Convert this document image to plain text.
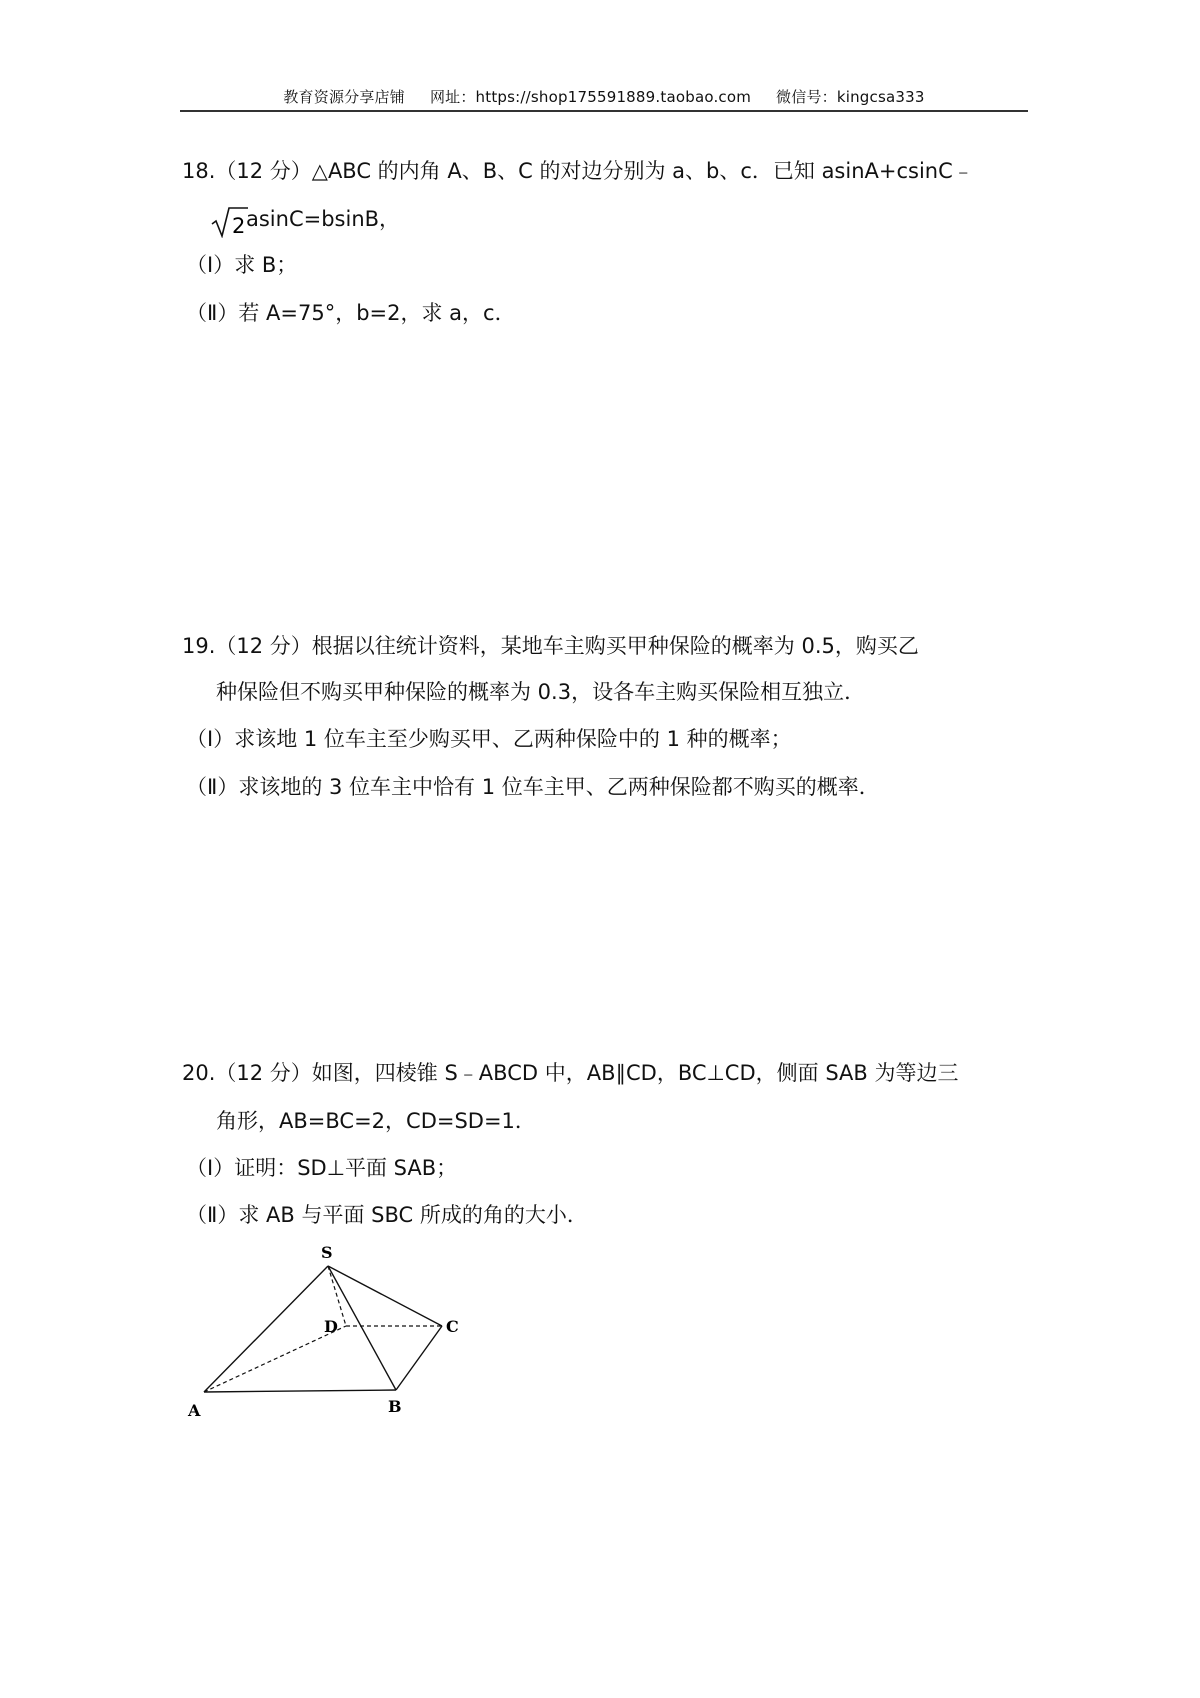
教育资源分享店铺 网址：https://shop175591889.taobao.com 微信号：kingcsa333
18.（12 分）△ABC 的内角 A、B、C 的对边分别为 a、b、c．已知 asinA+csinC﹣
2 asinC=bsinB，
（Ⅰ）求 B；
（Ⅱ）若 A=75°，b=2，求 a，c．
19.（12 分）根据以往统计资料，某地车主购买甲种保险的概率为 0.5，购买乙
种保险但不购买甲种保险的概率为 0.3，设各车主购买保险相互独立．
（Ⅰ）求该地 1 位车主至少购买甲、乙两种保险中的 1 种的概率；
（Ⅱ）求该地的 3 位车主中恰有 1 位车主甲、乙两种保险都不购买的概率．
20.（12 分）如图，四棱锥 S﹣ABCD 中，AB∥CD，BC⊥CD，侧面 SAB 为等边三
角形，AB=BC=2，CD=SD=1．
（Ⅰ）证明：SD⊥平面 SAB；
（Ⅱ）求 AB 与平面 SBC 所成的角的大小．
S
D	C
A	B
